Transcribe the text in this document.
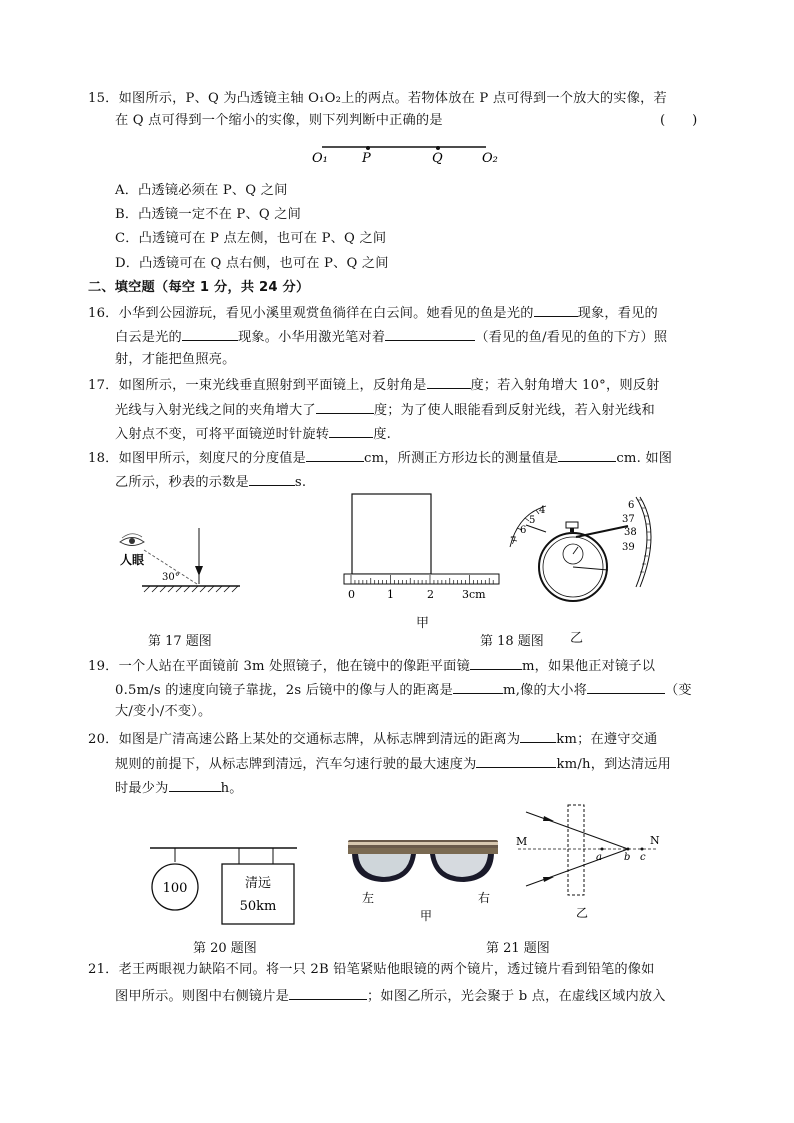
15．如图所示，P、Q 为凸透镜主轴 O₁O₂上的两点。若物体放在 P 点可得到一个放大的实像，若
在 Q 点可得到一个缩小的实像，则下列判断中正确的是	(　　)
O₁	P	Q	O₂
A．凸透镜必须在 P、Q 之间
B．凸透镜一定不在 P、Q 之间
C．凸透镜可在 P 点左侧，也可在 P、Q 之间
D．凸透镜可在 Q 点右侧，也可在 P、Q 之间
二、填空题（每空 1 分，共 24 分）
16．小华到公园游玩，看见小溪里观赏鱼徜徉在白云间。她看见的鱼是光的	现象，看见的
白云是光的	现象。小华用激光笔对着	（看见的鱼/看见的鱼的下方）照
射，才能把鱼照亮。
17．如图所示，一束光线垂直照射到平面镜上，反射角是	度；若入射角增大 10°，则反射
光线与入射光线之间的夹角增大了	度；为了使人眼能看到反射光线，若入射光线和
入射点不变，可将平面镜逆时针旋转	度.
18．如图甲所示，刻度尺的分度值是	cm，所测正方形边长的测量值是	cm. 如图
乙所示，秒表的示数是	s.
人眼
30°
第 17 题图
0	1	2	3cm
甲
4
5
6
7
6
37
38
39
乙
第 18 题图
19．一个人站在平面镜前 3m 处照镜子，他在镜中的像距平面镜	m，如果他正对镜子以
0.5m/s 的速度向镜子靠拢，2s 后镜中的像与人的距离是	m,像的大小将	（变
大/变小/不变）。
20．如图是广清高速公路上某处的交通标志牌，从标志牌到清远的距离为	km；在遵守交通
规则的前提下，从标志牌到清远，汽车匀速行驶的最大速度为	km/h，到达清远用
时最少为	h。
100	清远
50km
第 20 题图
左	右
甲
M	N
a b c
乙
第 21 题图
21．老王两眼视力缺陷不同。将一只 2B 铅笔紧贴他眼镜的两个镜片，透过镜片看到铅笔的像如
图甲所示。则图中右侧镜片是	；如图乙所示，光会聚于 b 点，在虚线区域内放入
